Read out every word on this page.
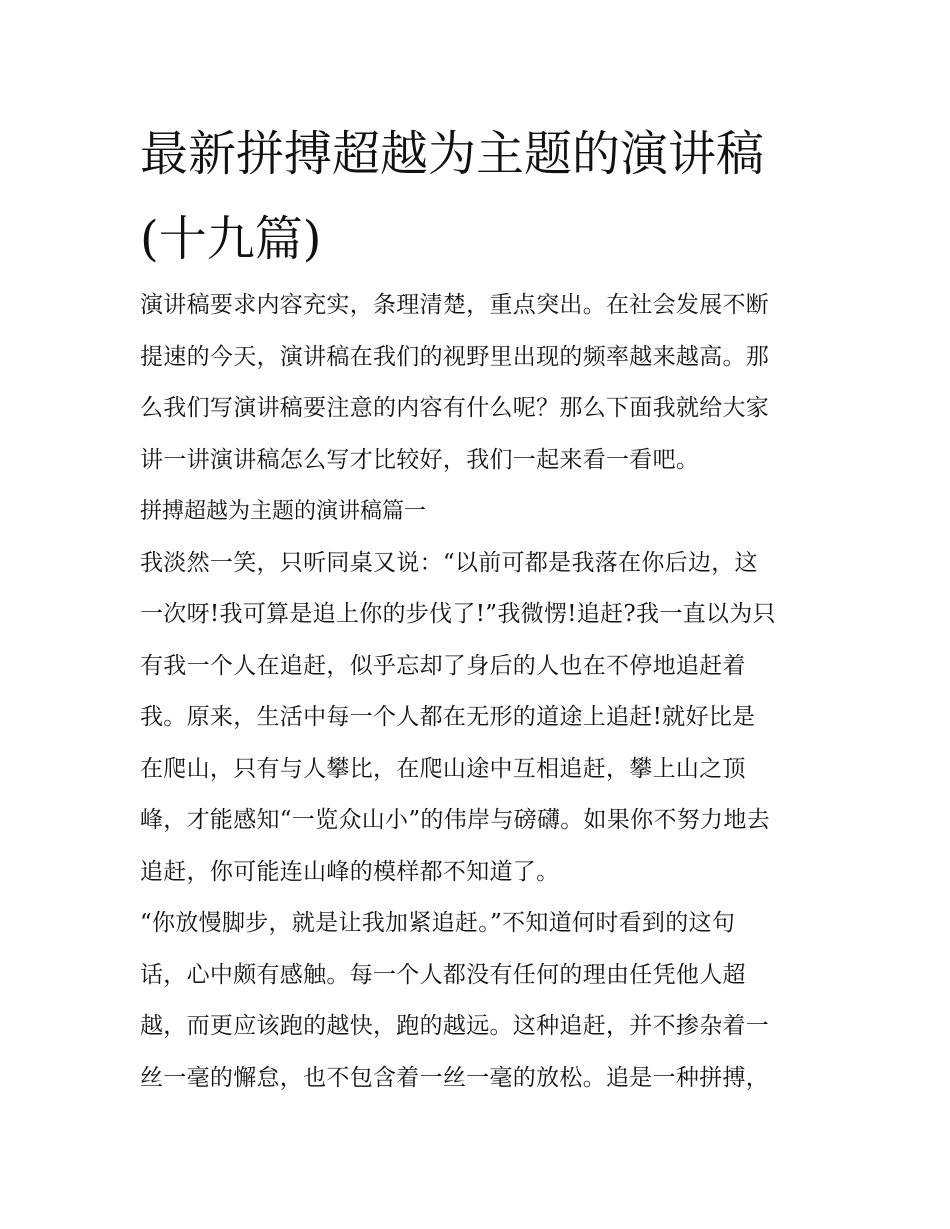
最新拼搏超越为主题的演讲稿
(十九篇)

演讲稿要求内容充实，条理清楚，重点突出。在社会发展不断
提速的今天，演讲稿在我们的视野里出现的频率越来越高。那
么我们写演讲稿要注意的内容有什么呢？那么下面我就给大家
讲一讲演讲稿怎么写才比较好，我们一起来看一看吧。

拼搏超越为主题的演讲稿篇一

我淡然一笑，只听同桌又说：“以前可都是我落在你后边，这
一次呀!我可算是追上你的步伐了!”我微愣!追赶?我一直以为只
有我一个人在追赶，似乎忘却了身后的人也在不停地追赶着
我。原来，生活中每一个人都在无形的道途上追赶!就好比是
在爬山，只有与人攀比，在爬山途中互相追赶，攀上山之顶
峰，才能感知“一览众山小”的伟岸与磅礴。如果你不努力地去
追赶，你可能连山峰的模样都不知道了。

“你放慢脚步，就是让我加紧追赶。”不知道何时看到的这句
话，心中颇有感触。每一个人都没有任何的理由任凭他人超
越，而更应该跑的越快，跑的越远。这种追赶，并不掺杂着一
丝一毫的懈怠，也不包含着一丝一毫的放松。追是一种拼搏，
